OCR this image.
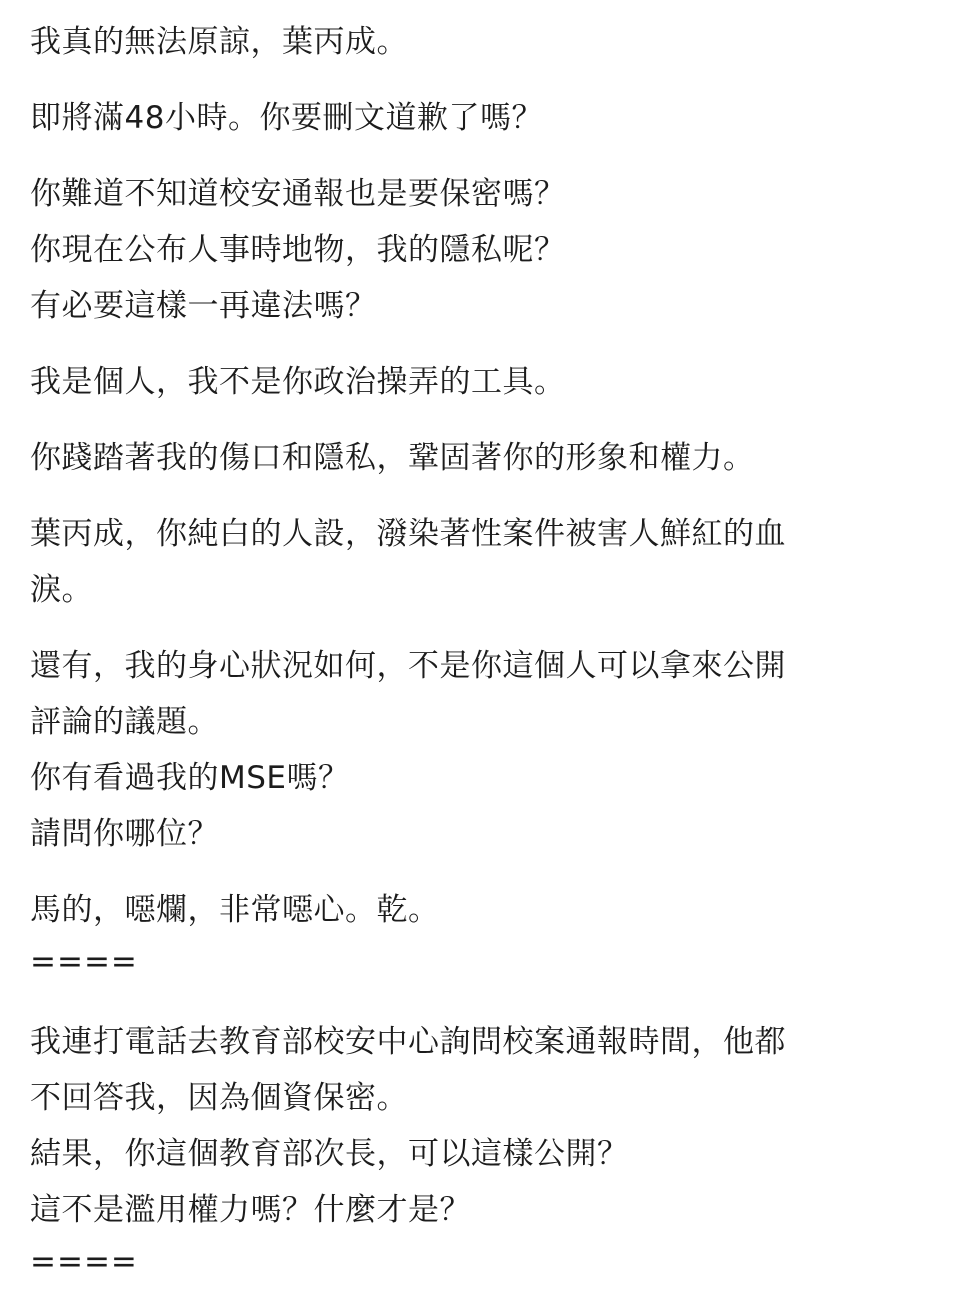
我真的無法原諒，葉丙成。
即將滿48小時。你要刪文道歉了嗎？
你難道不知道校安通報也是要保密嗎？
你現在公布人事時地物，我的隱私呢？
有必要這樣一再違法嗎？
我是個人，我不是你政治操弄的工具。
你踐踏著我的傷口和隱私，鞏固著你的形象和權力。
葉丙成，你純白的人設，潑染著性案件被害人鮮紅的血
淚。
還有，我的身心狀況如何，不是你這個人可以拿來公開
評論的議題。
你有看過我的MSE嗎？
請問你哪位？
馬的，噁爛，非常噁心。乾。
====
我連打電話去教育部校安中心詢問校案通報時間，他都
不回答我，因為個資保密。
結果，你這個教育部次長，可以這樣公開？
這不是濫用權力嗎？什麼才是？
====
